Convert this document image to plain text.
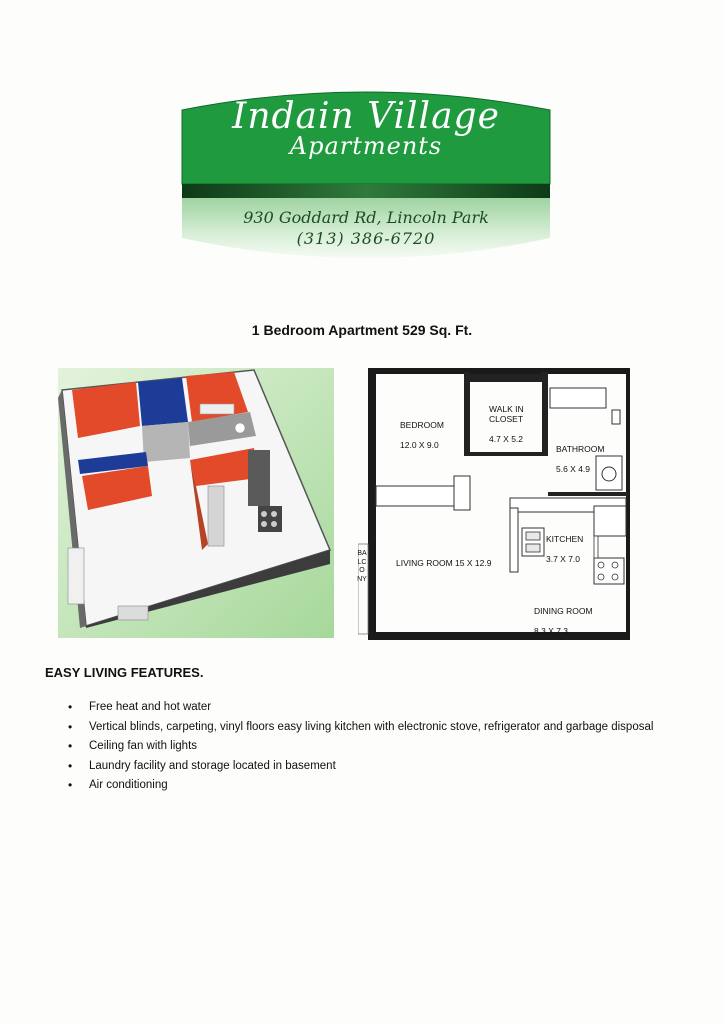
Indain Village
Apartments
930 Goddard Rd, Lincoln Park
(313) 386-6720
1 Bedroom Apartment 529 Sq. Ft.

BEDROOM

12.0 X 9.0

WALK IN
CLOSET

4.7 X 5.2

BATHROOM

5.6 X 4.9

KITCHEN

3.7 X 7.0

LIVING ROOM 15 X 12.9

DINING ROOM

8.3 X 7.3

BALCONY
EASY LIVING FEATURES.
• Free heat and hot water
• Vertical blinds, carpeting, vinyl floors easy living kitchen with electronic stove, refrigerator and garbage disposal
• Ceiling fan with lights
• Laundry facility and storage located in basement
• Air conditioning
